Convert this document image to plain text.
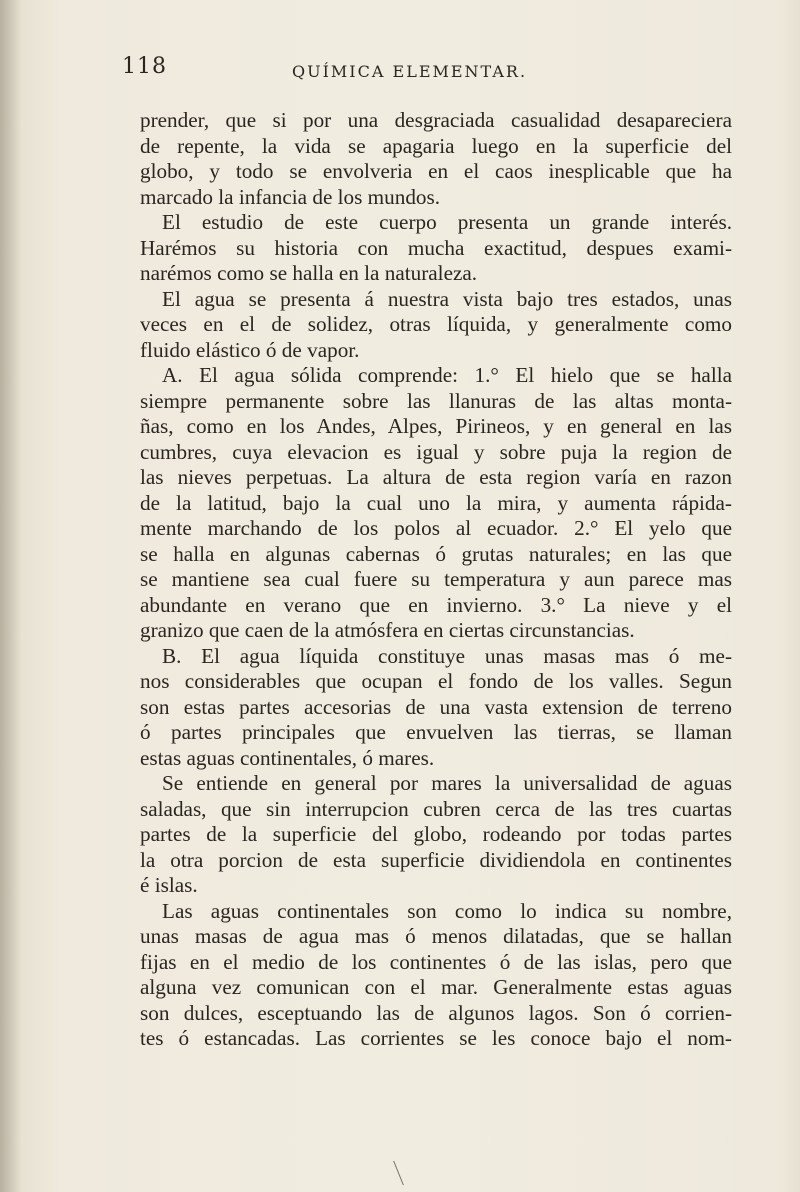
118	QUÍMICA ELEMENTAR.
prender, que si por una desgraciada casualidad desapareciera
de repente, la vida se apagaria luego en la superficie del
globo, y todo se envolveria en el caos inesplicable que ha
marcado la infancia de los mundos.
El estudio de este cuerpo presenta un grande interés.
Harémos su historia con mucha exactitud, despues exami-
narémos como se halla en la naturaleza.
El agua se presenta á nuestra vista bajo tres estados, unas
veces en el de solidez, otras líquida, y generalmente como
fluido elástico ó de vapor.
A. El agua sólida comprende: 1.° El hielo que se halla
siempre permanente sobre las llanuras de las altas monta-
ñas, como en los Andes, Alpes, Pirineos, y en general en las
cumbres, cuya elevacion es igual y sobre puja la region de
las nieves perpetuas. La altura de esta region varía en razon
de la latitud, bajo la cual uno la mira, y aumenta rápida-
mente marchando de los polos al ecuador. 2.° El yelo que
se halla en algunas cabernas ó grutas naturales; en las que
se mantiene sea cual fuere su temperatura y aun parece mas
abundante en verano que en invierno. 3.° La nieve y el
granizo que caen de la atmósfera en ciertas circunstancias.
B. El agua líquida constituye unas masas mas ó me-
nos considerables que ocupan el fondo de los valles. Segun
son estas partes accesorias de una vasta extension de terreno
ó partes principales que envuelven las tierras, se llaman
estas aguas continentales, ó mares.
Se entiende en general por mares la universalidad de aguas
saladas, que sin interrupcion cubren cerca de las tres cuartas
partes de la superficie del globo, rodeando por todas partes
la otra porcion de esta superficie dividiendola en continentes
é islas.
Las aguas continentales son como lo indica su nombre,
unas masas de agua mas ó menos dilatadas, que se hallan
fijas en el medio de los continentes ó de las islas, pero que
alguna vez comunican con el mar. Generalmente estas aguas
son dulces, esceptuando las de algunos lagos. Son ó corrien-
tes ó estancadas. Las corrientes se les conoce bajo el nom-
